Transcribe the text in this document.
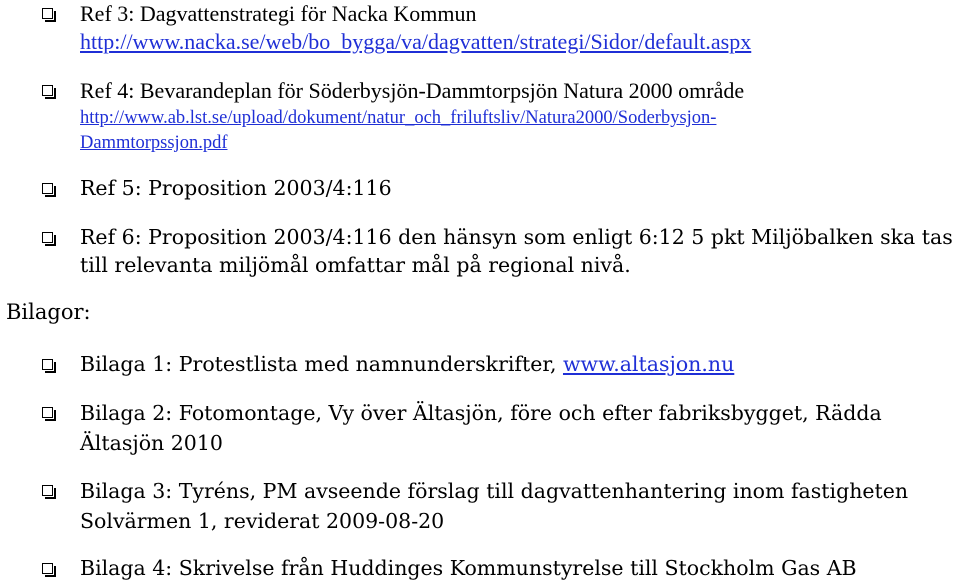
Ref 3: Dagvattenstrategi för Nacka Kommun
http://www.nacka.se/web/bo_bygga/va/dagvatten/strategi/Sidor/default.aspx
Ref 4: Bevarandeplan för Söderbysjön-Dammtorpsjön Natura 2000 område
http://www.ab.lst.se/upload/dokument/natur_och_friluftsliv/Natura2000/Soderbysjon-
Dammtorpssjon.pdf
Ref 5: Proposition 2003/4:116
Ref 6: Proposition 2003/4:116 den hänsyn som enligt 6:12 5 pkt Miljöbalken ska tas
till relevanta miljömål omfattar mål på regional nivå.
Bilagor:
Bilaga 1: Protestlista med namnunderskrifter, www.altasjon.nu
Bilaga 2: Fotomontage, Vy över Ältasjön, före och efter fabriksbygget, Rädda
Ältasjön 2010
Bilaga 3: Tyréns, PM avseende förslag till dagvattenhantering inom fastigheten
Solvärmen 1, reviderat 2009-08-20
Bilaga 4: Skrivelse från Huddinges Kommunstyrelse till Stockholm Gas AB
